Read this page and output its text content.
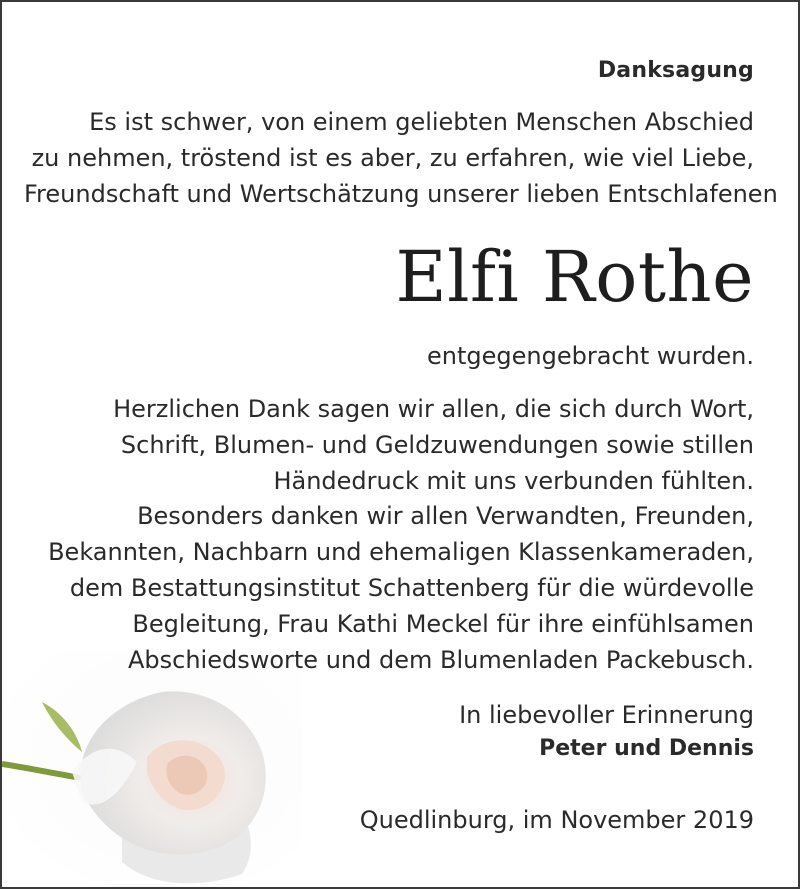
Danksagung
Es ist schwer, von einem geliebten Menschen Abschied
zu nehmen, tröstend ist es aber, zu erfahren, wie viel Liebe,
Freundschaft und Wertschätzung unserer lieben Entschlafenen
Elfi Rothe
entgegengebracht wurden.
Herzlichen Dank sagen wir allen, die sich durch Wort,
Schrift, Blumen- und Geldzuwendungen sowie stillen
Händedruck mit uns verbunden fühlten.
Besonders danken wir allen Verwandten, Freunden,
Bekannten, Nachbarn und ehemaligen Klassenkameraden,
dem Bestattungsinstitut Schattenberg für die würdevolle
Begleitung, Frau Kathi Meckel für ihre einfühlsamen
Abschiedsworte und dem Blumenladen Packebusch.
In liebevoller Erinnerung
Peter und Dennis
Quedlinburg, im November 2019
